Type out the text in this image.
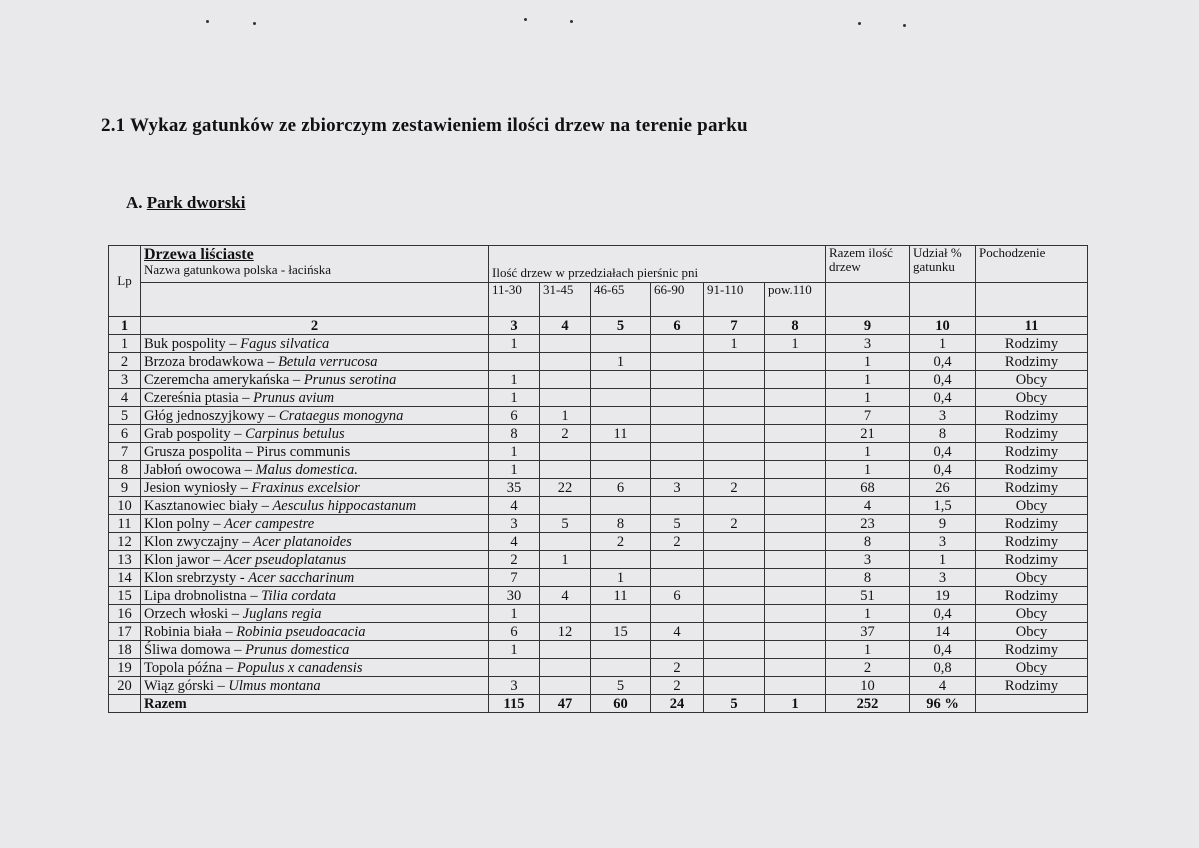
2.1 Wykaz gatunków ze zbiorczym zestawieniem ilości drzew na terenie parku
A. Park dworski
Lp	Drzewa liściaste
Nazwa gatunkowa polska - łacińska	Ilość drzew w przedziałach pierśnic pni						Razem ilość drzew	Udział % gatunku	Pochodzenie
		11-30	31-45	46-65	66-90	91-110	pow.110			
1	2	3	4	5	6	7	8	9	10	11
1	Buk pospolity – Fagus silvatica	1				1	1	3	1	Rodzimy
2	Brzoza brodawkowa – Betula verrucosa			1				1	0,4	Rodzimy
3	Czeremcha amerykańska – Prunus serotina	1						1	0,4	Obcy
4	Czereśnia ptasia – Prunus avium	1						1	0,4	Obcy
5	Głóg jednoszyjkowy – Crataegus monogyna	6	1					7	3	Rodzimy
6	Grab pospolity – Carpinus betulus	8	2	11				21	8	Rodzimy
7	Grusza pospolita – Pirus communis	1						1	0,4	Rodzimy
8	Jabłoń owocowa – Malus domestica.	1						1	0,4	Rodzimy
9	Jesion wyniosły – Fraxinus excelsior	35	22	6	3	2		68	26	Rodzimy
10	Kasztanowiec biały – Aesculus hippocastanum	4						4	1,5	Obcy
11	Klon polny – Acer campestre	3	5	8	5	2		23	9	Rodzimy
12	Klon zwyczajny – Acer platanoides	4		2	2			8	3	Rodzimy
13	Klon jawor – Acer pseudoplatanus	2	1					3	1	Rodzimy
14	Klon srebrzysty - Acer saccharinum	7		1				8	3	Obcy
15	Lipa drobnolistna – Tilia cordata	30	4	11	6			51	19	Rodzimy
16	Orzech włoski – Juglans regia	1						1	0,4	Obcy
17	Robinia biała – Robinia pseudoacacia	6	12	15	4			37	14	Obcy
18	Śliwa domowa – Prunus domestica	1						1	0,4	Rodzimy
19	Topola późna – Populus x canadensis				2			2	0,8	Obcy
20	Wiąz górski – Ulmus montana	3		5	2			10	4	Rodzimy
	Razem	115	47	60	24	5	1	252	96 %	
